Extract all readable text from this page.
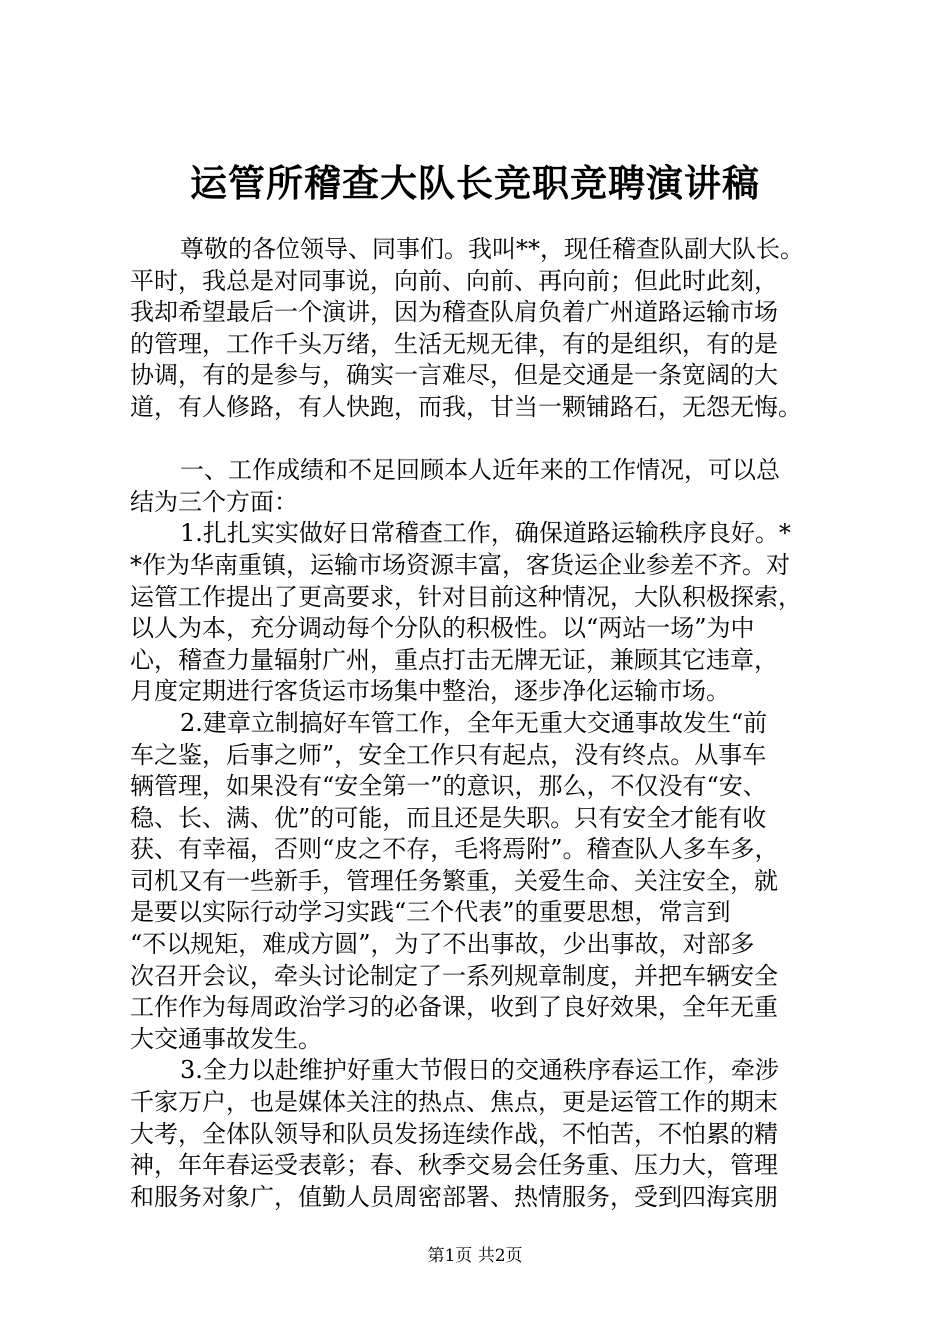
运管所稽查大队长竞职竞聘演讲稿
尊敬的各位领导、同事们。我叫**，现任稽查队副大队长。
平时，我总是对同事说，向前、向前、再向前；但此时此刻，
我却希望最后一个演讲，因为稽查队肩负着广州道路运输市场
的管理，工作千头万绪，生活无规无律，有的是组织，有的是
协调，有的是参与，确实一言难尽，但是交通是一条宽阔的大
道，有人修路，有人快跑，而我，甘当一颗铺路石，无怨无悔。
一、工作成绩和不足回顾本人近年来的工作情况，可以总
结为三个方面：
1.扎扎实实做好日常稽查工作，确保道路运输秩序良好。*
*作为华南重镇，运输市场资源丰富，客货运企业参差不齐。对
运管工作提出了更高要求，针对目前这种情况，大队积极探索，
以人为本，充分调动每个分队的积极性。以“两站一场”为中
心，稽查力量辐射广州，重点打击无牌无证，兼顾其它违章，
月度定期进行客货运市场集中整治，逐步净化运输市场。
2.建章立制搞好车管工作，全年无重大交通事故发生“前
车之鉴，后事之师”，安全工作只有起点，没有终点。从事车
辆管理，如果没有“安全第一”的意识，那么，不仅没有“安、
稳、长、满、优”的可能，而且还是失职。只有安全才能有收
获、有幸福，否则“皮之不存，毛将焉附”。稽查队人多车多，
司机又有一些新手，管理任务繁重，关爱生命、关注安全，就
是要以实际行动学习实践“三个代表”的重要思想，常言到
“不以规矩，难成方圆”，为了不出事故，少出事故，对部多
次召开会议，牵头讨论制定了一系列规章制度，并把车辆安全
工作作为每周政治学习的必备课，收到了良好效果，全年无重
大交通事故发生。
3.全力以赴维护好重大节假日的交通秩序春运工作，牵涉
千家万户，也是媒体关注的热点、焦点，更是运管工作的期末
大考，全体队领导和队员发扬连续作战，不怕苦，不怕累的精
神，年年春运受表彰；春、秋季交易会任务重、压力大，管理
和服务对象广，值勤人员周密部署、热情服务，受到四海宾朋
第1页 共2页
